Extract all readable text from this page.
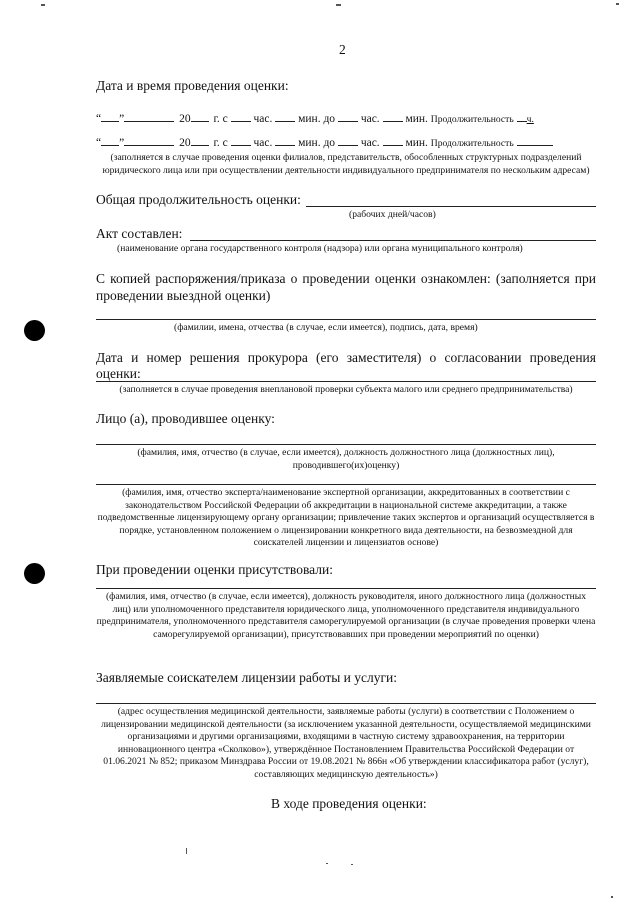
2
Дата и время проведения оценки:
“ ”	20 г. с час. мин. до час. мин. Продолжительность ч.
“ ”	20 г. с час. мин. до час. мин. Продолжительность
(заполняется в случае проведения оценки филиалов, представительств, обособленных структурных подразделений юридического лица или при осуществлении деятельности индивидуального предпринимателя по нескольким адресам)
Общая продолжительность оценки:
(рабочих дней/часов)
Акт составлен:
(наименование органа государственного контроля (надзора) или органа муниципального контроля)
С копией распоряжения/приказа о проведении оценки ознакомлен: (заполняется при проведении выездной оценки)
(фамилии, имена, отчества (в случае, если имеется), подпись, дата, время)
Дата и номер решения прокурора (его заместителя) о согласовании проведения оценки:
(заполняется в случае проведения внеплановой проверки субъекта малого или среднего предпринимательства)
Лицо (а), проводившее оценку:
(фамилия, имя, отчество (в случае, если имеется), должность должностного лица (должностных лиц), проводившего(их)оценку)
(фамилия, имя, отчество эксперта/наименование экспертной организации, аккредитованных в соответствии с законодательством Российской Федерации об аккредитации в национальной системе аккредитации, а также подведомственные лицензирующему органу организации; привлечение таких экспертов и организаций осуществляется в порядке, установленном положением о лицензировании конкретного вида деятельности, на безвозмездной для соискателей лицензии и лицензиатов основе)
При проведении оценки присутствовали:
(фамилия, имя, отчество (в случае, если имеется), должность руководителя, иного должностного лица (должностных лиц) или уполномоченного представителя юридического лица, уполномоченного представителя индивидуального предпринимателя, уполномоченного представителя саморегулируемой организации (в случае проведения проверки члена саморегулируемой организации), присутствовавших при проведении мероприятий по оценки)
Заявляемые соискателем лицензии работы и услуги:
(адрес осуществления медицинской деятельности, заявляемые работы (услуги) в соответствии с Положением о лицензировании медицинской деятельности (за исключением указанной деятельности, осуществляемой медицинскими организациями и другими организациями, входящими в частную систему здравоохранения, на территории инновационного центра «Сколково»), утверждённое Постановлением Правительства Российской Федерации от 01.06.2021 № 852; приказом Минздрава России от 19.08.2021 № 866н «Об утверждении классификатора работ (услуг), составляющих медицинскую деятельность»)
В ходе проведения оценки:
